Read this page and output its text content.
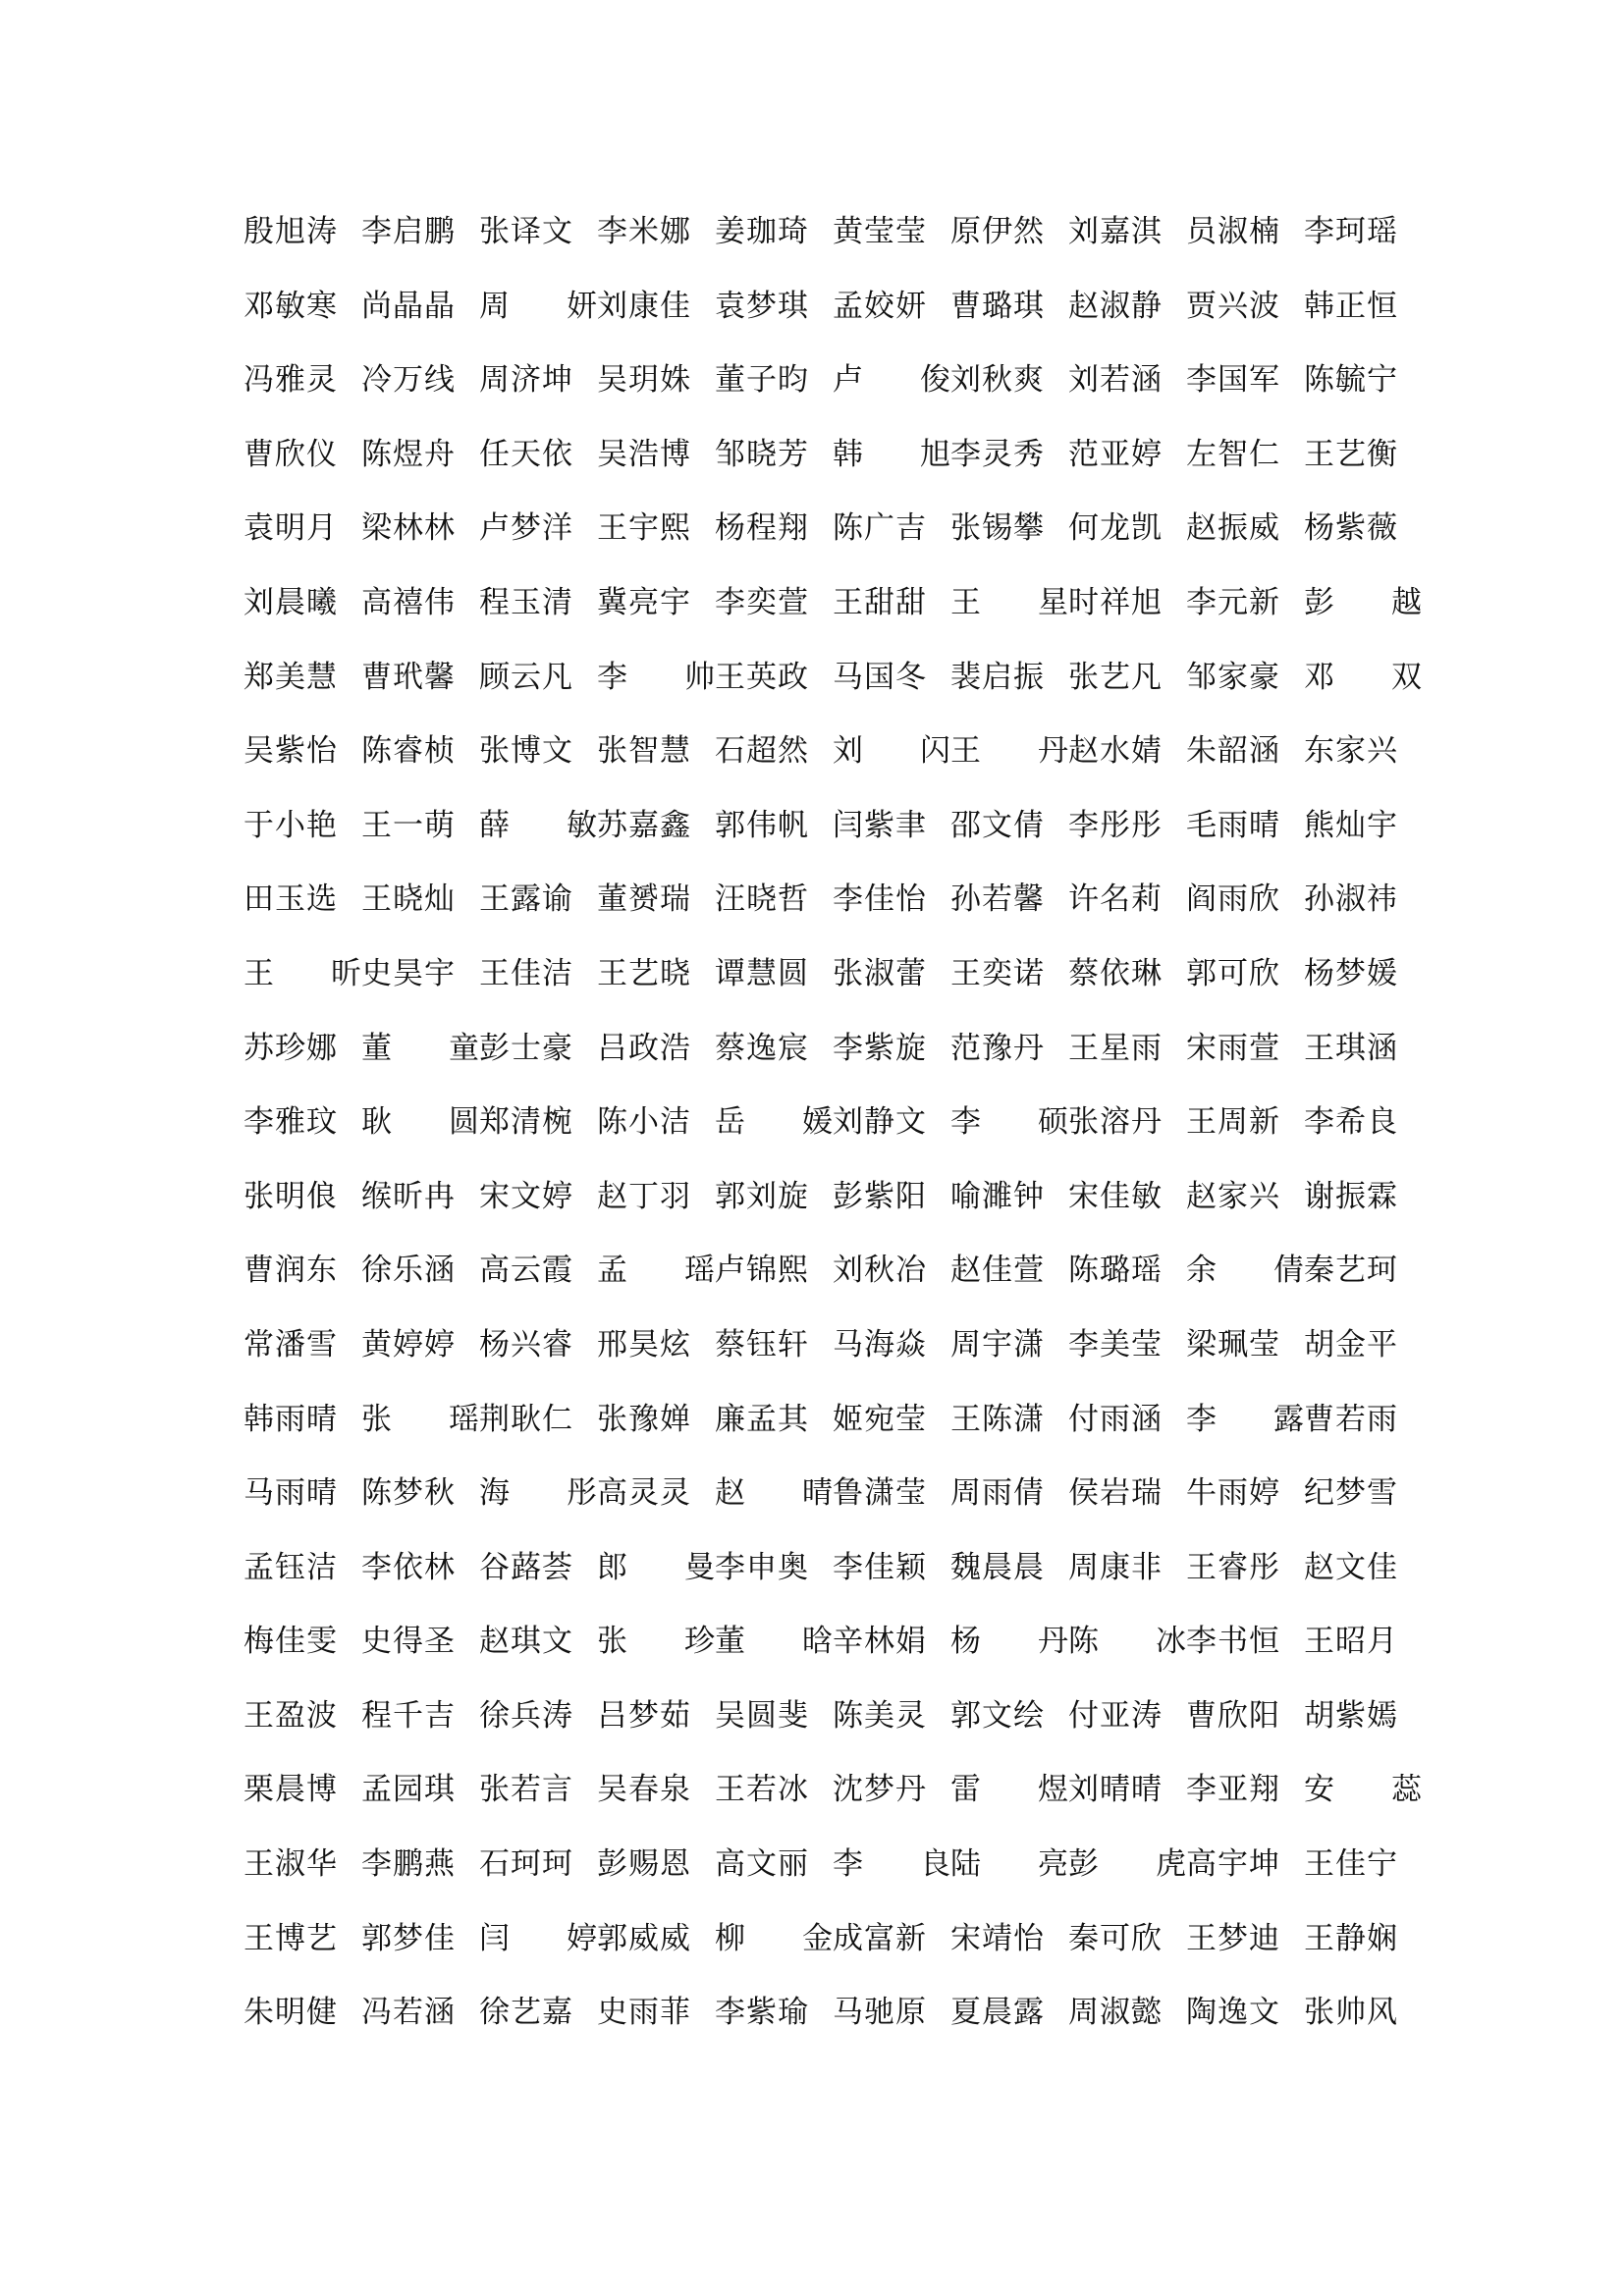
殷旭涛 李启鹏 张译文 李米娜 姜珈琦 黄莹莹 原伊然 刘嘉淇 员淑楠 李珂瑶
邓敏寒 尚晶晶 周 妍 刘康佳 袁梦琪 孟姣妍 曹璐琪 赵淑静 贾兴波 韩正恒
冯雅灵 冷万线 周济坤 吴玥姝 董子昀 卢 俊 刘秋爽 刘若涵 李国军 陈毓宁
曹欣仪 陈煜舟 任天依 吴浩博 邹晓芳 韩 旭 李灵秀 范亚婷 左智仁 王艺衡
袁明月 梁林林 卢梦洋 王宇熙 杨程翔 陈广吉 张锡攀 何龙凯 赵振威 杨紫薇
刘晨曦 高禧伟 程玉清 冀亮宇 李奕萱 王甜甜 王 星 时祥旭 李元新 彭 越
郑美慧 曹玳馨 顾云凡 李 帅 王英政 马国冬 裴启振 张艺凡 邹家豪 邓 双
吴紫怡 陈睿桢 张博文 张智慧 石超然 刘 闪 王 丹 赵水婧 朱韶涵 东家兴
于小艳 王一萌 薛 敏 苏嘉鑫 郭伟帆 闫紫聿 邵文倩 李彤彤 毛雨晴 熊灿宇
田玉选 王晓灿 王露谕 董赟瑞 汪晓哲 李佳怡 孙若馨 许名莉 阎雨欣 孙淑祎
王 昕 史昊宇 王佳洁 王艺晓 谭慧圆 张淑蕾 王奕诺 蔡依琳 郭可欣 杨梦媛
苏珍娜 董 童 彭士豪 吕政浩 蔡逸宸 李紫旋 范豫丹 王星雨 宋雨萱 王琪涵
李雅玟 耿 圆 郑清椀 陈小洁 岳 媛 刘静文 李 硕 张溶丹 王周新 李希良
张明俍 缑昕冉 宋文婷 赵丁羽 郭刘旋 彭紫阳 喻濉钟 宋佳敏 赵家兴 谢振霖
曹润东 徐乐涵 高云霞 孟 瑶 卢锦熙 刘秋冶 赵佳萱 陈璐瑶 余 倩 秦艺珂
常潘雪 黄婷婷 杨兴睿 邢昊炫 蔡钰轩 马海焱 周宇潇 李美莹 梁珮莹 胡金平
韩雨晴 张 瑶 荆耿仁 张豫婵 廉孟其 姬宛莹 王陈潇 付雨涵 李 露 曹若雨
马雨晴 陈梦秋 海 彤 高灵灵 赵 晴 鲁潇莹 周雨倩 侯岩瑞 牛雨婷 纪梦雪
孟钰洁 李依林 谷蕗荟 郎 曼 李申奥 李佳颖 魏晨晨 周康非 王睿彤 赵文佳
梅佳雯 史得圣 赵琪文 张 珍 董 晗 辛林娟 杨 丹 陈 冰 李书恒 王昭月
王盈波 程千吉 徐兵涛 吕梦茹 吴圆斐 陈美灵 郭文绘 付亚涛 曹欣阳 胡紫嫣
栗晨博 孟园琪 张若言 吴春泉 王若冰 沈梦丹 雷 煜 刘晴晴 李亚翔 安 蕊
王淑华 李鹏燕 石珂珂 彭赐恩 高文丽 李 良 陆 亮 彭 虎 高宇坤 王佳宁
王博艺 郭梦佳 闫 婷 郭威威 柳 金 成富新 宋靖怡 秦可欣 王梦迪 王静娴
朱明健 冯若涵 徐艺嘉 史雨菲 李紫瑜 马驰原 夏晨露 周淑懿 陶逸文 张帅风
